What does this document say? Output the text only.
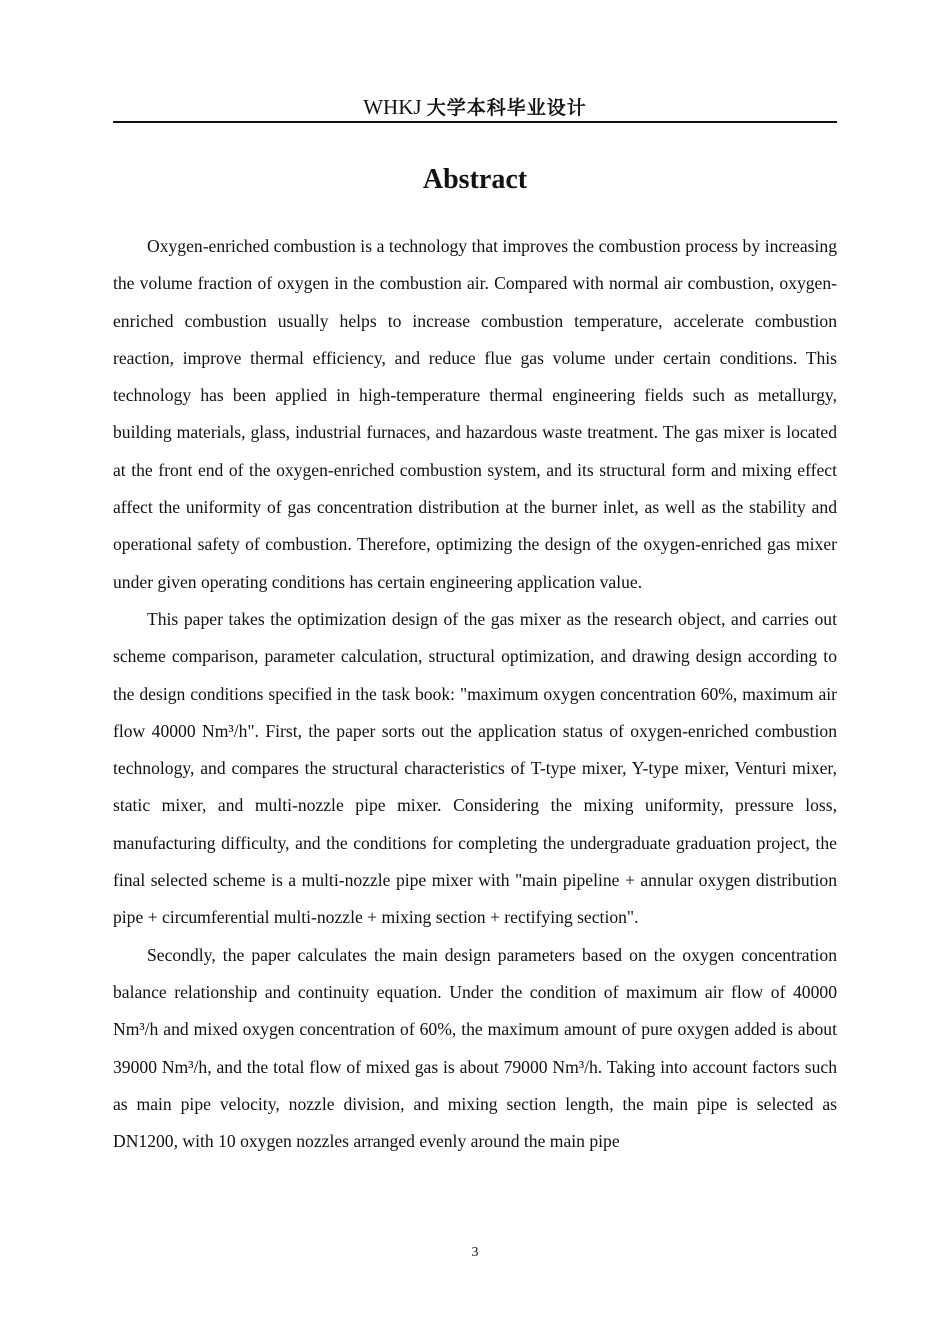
WHKJ 大学本科毕业设计
Abstract

Oxygen-enriched combustion is a technology that improves the combustion process by increasing the volume fraction of oxygen in the combustion air. Compared with normal air combustion, oxygen-enriched combustion usually helps to increase combustion temperature, accelerate combustion reaction, improve thermal efficiency, and reduce flue gas volume under certain conditions. This technology has been applied in high-temperature thermal engineering fields such as metallurgy, building materials, glass, industrial furnaces, and hazardous waste treatment. The gas mixer is located at the front end of the oxygen-enriched combustion system, and its structural form and mixing effect affect the uniformity of gas concentration distribution at the burner inlet, as well as the stability and operational safety of combustion. Therefore, optimizing the design of the oxygen-enriched gas mixer under given operating conditions has certain engineering application value.

This paper takes the optimization design of the gas mixer as the research object, and carries out scheme comparison, parameter calculation, structural optimization, and drawing design according to the design conditions specified in the task book: "maximum oxygen concentration 60%, maximum air flow 40000 Nm³/h". First, the paper sorts out the application status of oxygen-enriched combustion technology, and compares the structural characteristics of T-type mixer, Y-type mixer, Venturi mixer, static mixer, and multi-nozzle pipe mixer. Considering the mixing uniformity, pressure loss, manufacturing difficulty, and the conditions for completing the undergraduate graduation project, the final selected scheme is a multi-nozzle pipe mixer with "main pipeline + annular oxygen distribution pipe + circumferential multi-nozzle + mixing section + rectifying section".

Secondly, the paper calculates the main design parameters based on the oxygen concentration balance relationship and continuity equation. Under the condition of maximum air flow of 40000 Nm³/h and mixed oxygen concentration of 60%, the maximum amount of pure oxygen added is about 39000 Nm³/h, and the total flow of mixed gas is about 79000 Nm³/h. Taking into account factors such as main pipe velocity, nozzle division, and mixing section length, the main pipe is selected as DN1200, with 10 oxygen nozzles arranged evenly around the main pipe

3
